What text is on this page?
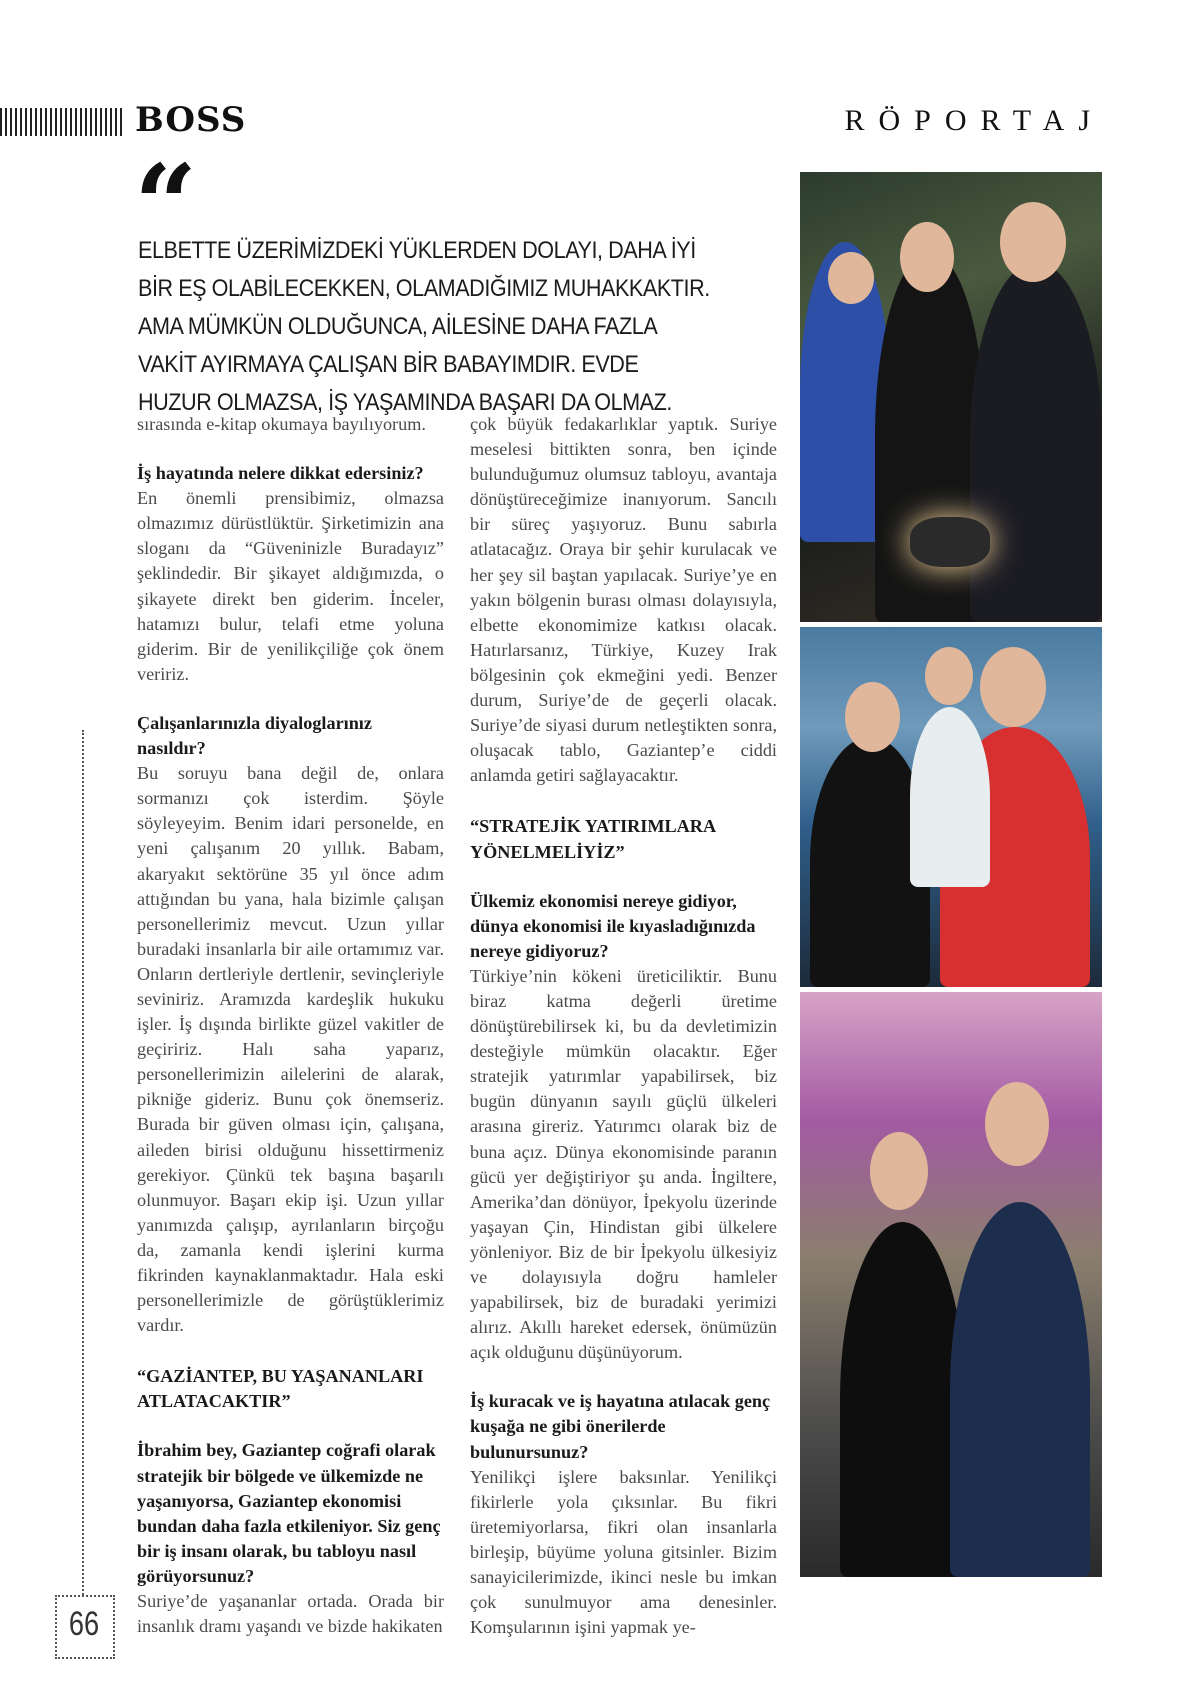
BOSS	RÖPORTAJ
“
ELBETTE ÜZERİMİZDEKİ YÜKLERDEN DOLAYI, DAHA İYİ BİR EŞ OLABİLECEKKEN, OLAMADIĞIMIZ MUHAKKAKTIR. AMA MÜMKÜN OLDUĞUNCA, AİLESİNE DAHA FAZLA VAKİT AYIRMAYA ÇALIŞAN BİR BABAYIMDIR. EVDE HUZUR OLMAZSA, İŞ YAŞAMINDA BAŞARI DA OLMAZ.

sırasında e-kitap okumaya bayılıyorum.

İş hayatında nelere dikkat edersiniz?

En önemli prensibimiz, olmazsa olmazımız dürüstlüktür. Şirketimizin ana sloganı da “Güveninizle Buradayız” şeklindedir. Bir şikayet aldığımızda, o şikayete direkt ben giderim. İnceler, hatamızı bulur, telafi etme yoluna giderim. Bir de yenilikçiliğe çok önem veririz.

Çalışanlarınızla diyaloglarınız nasıldır?

Bu soruyu bana değil de, onlara sormanızı çok isterdim. Şöyle söyleyeyim. Benim idari personelde, en yeni çalışanım 20 yıllık. Babam, akaryakıt sektörüne 35 yıl önce adım attığından bu yana, hala bizimle çalışan personellerimiz mevcut. Uzun yıllar buradaki insanlarla bir aile ortamımız var. Onların dertleriyle dertlenir, sevinçleriyle seviniriz. Aramızda kardeşlik hukuku işler. İş dışında birlikte güzel vakitler de geçiririz. Halı saha yaparız, personellerimizin ailelerini de alarak, pikniğe gideriz. Bunu çok önemseriz. Burada bir güven olması için, çalışana, aileden birisi olduğunu hissettirmeniz gerekiyor. Çünkü tek başına başarılı olunmuyor. Başarı ekip işi. Uzun yıllar yanımızda çalışıp, ayrılanların birçoğu da, zamanla kendi işlerini kurma fikrinden kaynaklanmaktadır. Hala eski personellerimizle de görüştüklerimiz vardır.

“GAZİANTEP, BU YAŞANANLARI ATLATACAKTIR”

İbrahim bey, Gaziantep coğrafi olarak stratejik bir bölgede ve ülkemizde ne yaşanıyorsa, Gaziantep ekonomisi bundan daha fazla etkileniyor. Siz genç bir iş insanı olarak, bu tabloyu nasıl görüyorsunuz?

Suriye’de yaşananlar ortada. Orada bir insanlık dramı yaşandı ve bizde hakikaten

çok büyük fedakarlıklar yaptık. Suriye meselesi bittikten sonra, ben içinde bulunduğumuz olumsuz tabloyu, avantaja dönüştüreceğimize inanıyorum. Sancılı bir süreç yaşıyoruz. Bunu sabırla atlatacağız. Oraya bir şehir kurulacak ve her şey sil baştan yapılacak. Suriye’ye en yakın bölgenin burası olması dolayısıyla, elbette ekonomimize katkısı olacak. Hatırlarsanız, Türkiye, Kuzey Irak bölgesinin çok ekmeğini yedi. Benzer durum, Suriye’de de geçerli olacak. Suriye’de siyasi durum netleştikten sonra, oluşacak tablo, Gaziantep’e ciddi anlamda getiri sağlayacaktır.

“STRATEJİK YATIRIMLARA YÖNELMELİYİZ”

Ülkemiz ekonomisi nereye gidiyor, dünya ekonomisi ile kıyasladığınızda nereye gidiyoruz?

Türkiye’nin kökeni üreticiliktir. Bunu biraz katma değerli üretime dönüştürebilirsek ki, bu da devletimizin desteğiyle mümkün olacaktır. Eğer stratejik yatırımlar yapabilirsek, biz bugün dünyanın sayılı güçlü ülkeleri arasına gireriz. Yatırımcı olarak biz de buna açız. Dünya ekonomisinde paranın gücü yer değiştiriyor şu anda. İngiltere, Amerika’dan dönüyor, İpekyolu üzerinde yaşayan Çin, Hindistan gibi ülkelere yönleniyor. Biz de bir İpekyolu ülkesiyiz ve dolayısıyla doğru hamleler yapabilirsek, biz de buradaki yerimizi alırız. Akıllı hareket edersek, önümüzün açık olduğunu düşünüyorum.

İş kuracak ve iş hayatına atılacak genç kuşağa ne gibi önerilerde bulunursunuz?

Yenilikçi işlere baksınlar. Yenilikçi fikirlerle yola çıksınlar. Bu fikri üretemiyorlarsa, fikri olan insanlarla birleşip, büyüme yoluna gitsinler. Bizim sanayicilerimizde, ikinci nesle bu imkan çok sunulmuyor ama denesinler. Komşularının işini yapmak ye-

66
